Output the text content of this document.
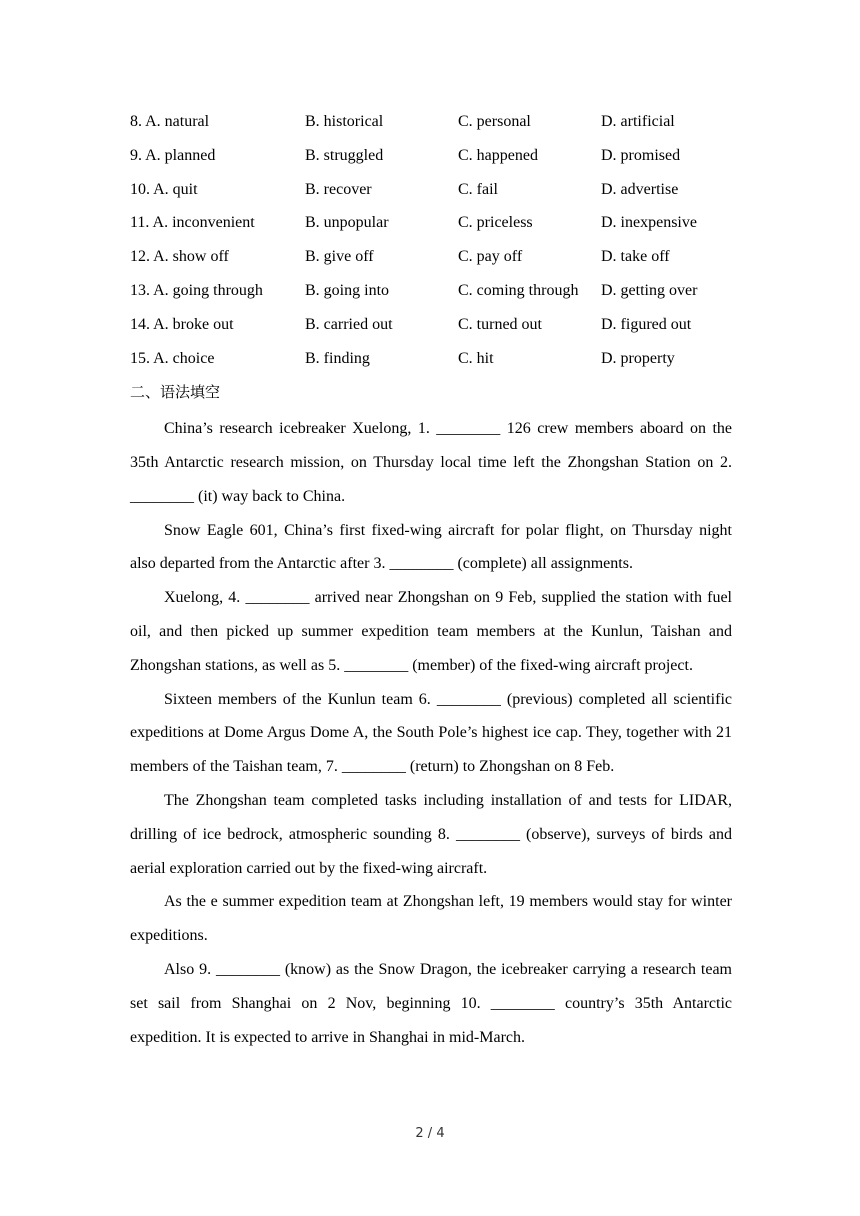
8. A. natural	B. historical	C. personal	D. artificial
9. A. planned	B. struggled	C. happened	D. promised
10. A. quit	B. recover	C. fail	D. advertise
11. A. inconvenient	B. unpopular	C. priceless	D. inexpensive
12. A. show off	B. give off	C. pay off	D. take off
13. A. going through	B. going into	C. coming through D. getting over
14. A. broke out	B. carried out	C. turned out	D. figured out
15. A. choice	B. finding	C. hit	D. property
二、语法填空

China’s research icebreaker Xuelong, 1. ________ 126 crew members aboard on the 35th Antarctic research mission, on Thursday local time left the Zhongshan Station on 2. ________ (it) way back to China.

Snow Eagle 601, China’s first fixed-wing aircraft for polar flight, on Thursday night also departed from the Antarctic after 3. ________ (complete) all assignments.

Xuelong, 4. ________ arrived near Zhongshan on 9 Feb, supplied the station with fuel oil, and then picked up summer expedition team members at the Kunlun, Taishan and Zhongshan stations, as well as 5. ________ (member) of the fixed-wing aircraft project.

Sixteen members of the Kunlun team 6. ________ (previous) completed all scientific expeditions at Dome Argus Dome A, the South Pole’s highest ice cap. They, together with 21 members of the Taishan team, 7. ________ (return) to Zhongshan on 8 Feb.

The Zhongshan team completed tasks including installation of and tests for LIDAR, drilling of ice bedrock, atmospheric sounding 8. ________ (observe), surveys of birds and aerial exploration carried out by the fixed-wing aircraft.

As the e summer expedition team at Zhongshan left, 19 members would stay for winter expeditions.

Also 9. ________ (know) as the Snow Dragon, the icebreaker carrying a research team set sail from Shanghai on 2 Nov, beginning 10. ________ country’s 35th Antarctic expedition. It is expected to arrive in Shanghai in mid-March.

2 / 4
